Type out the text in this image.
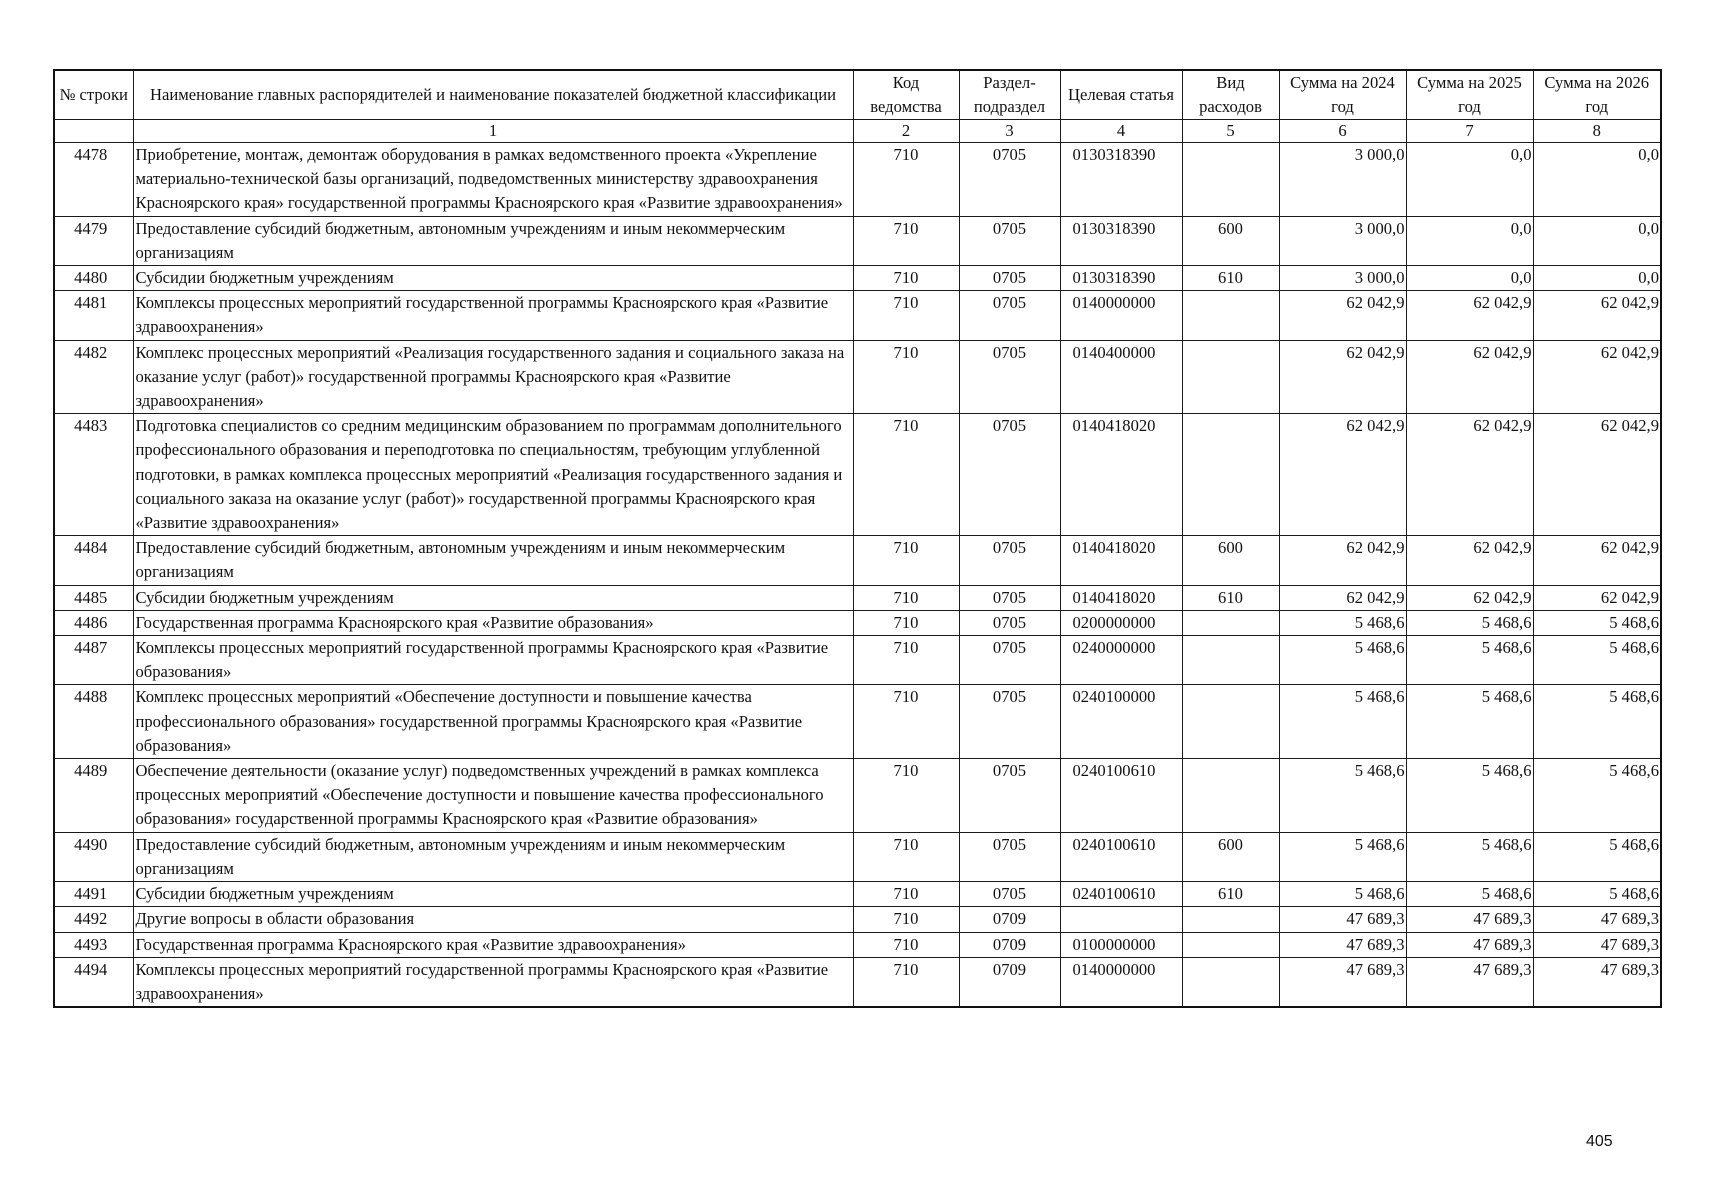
№ строки	Наименование главных распорядителей и наименование показателей бюджетной классификации	Код ведомства	Раздел-подраздел	Целевая статья	Вид расходов	Сумма на 2024 год	Сумма на 2025 год	Сумма на 2026 год
	1	2	3	4	5	6	7	8
4478	Приобретение, монтаж, демонтаж оборудования в рамках ведомственного проекта «Укрепление материально-технической базы организаций, подведомственных министерству здравоохранения Красноярского края» государственной программы Красноярского края «Развитие здравоохранения»	710	0705	0130318390		3 000,0	0,0	0,0
4479	Предоставление субсидий бюджетным, автономным учреждениям и иным некоммерческим организациям	710	0705	0130318390	600	3 000,0	0,0	0,0
4480	Субсидии бюджетным учреждениям	710	0705	0130318390	610	3 000,0	0,0	0,0
4481	Комплексы процессных мероприятий государственной программы Красноярского края «Развитие здравоохранения»	710	0705	0140000000		62 042,9	62 042,9	62 042,9
4482	Комплекс процессных мероприятий «Реализация государственного задания и социального заказа на оказание услуг (работ)» государственной программы Красноярского края «Развитие здравоохранения»	710	0705	0140400000		62 042,9	62 042,9	62 042,9
4483	Подготовка специалистов со средним медицинским образованием по программам дополнительного профессионального образования и переподготовка по специальностям, требующим углубленной подготовки, в рамках комплекса процессных мероприятий «Реализация государственного задания и социального заказа на оказание услуг (работ)» государственной программы Красноярского края «Развитие здравоохранения»	710	0705	0140418020		62 042,9	62 042,9	62 042,9
4484	Предоставление субсидий бюджетным, автономным учреждениям и иным некоммерческим организациям	710	0705	0140418020	600	62 042,9	62 042,9	62 042,9
4485	Субсидии бюджетным учреждениям	710	0705	0140418020	610	62 042,9	62 042,9	62 042,9
4486	Государственная программа Красноярского края «Развитие образования»	710	0705	0200000000		5 468,6	5 468,6	5 468,6
4487	Комплексы процессных мероприятий государственной программы Красноярского края «Развитие образования»	710	0705	0240000000		5 468,6	5 468,6	5 468,6
4488	Комплекс процессных мероприятий «Обеспечение доступности и повышение качества профессионального образования» государственной программы Красноярского края «Развитие образования»	710	0705	0240100000		5 468,6	5 468,6	5 468,6
4489	Обеспечение деятельности (оказание услуг) подведомственных учреждений в рамках комплекса процессных мероприятий «Обеспечение доступности и повышение качества профессионального образования» государственной программы Красноярского края «Развитие образования»	710	0705	0240100610		5 468,6	5 468,6	5 468,6
4490	Предоставление субсидий бюджетным, автономным учреждениям и иным некоммерческим организациям	710	0705	0240100610	600	5 468,6	5 468,6	5 468,6
4491	Субсидии бюджетным учреждениям	710	0705	0240100610	610	5 468,6	5 468,6	5 468,6
4492	Другие вопросы в области образования	710	0709			47 689,3	47 689,3	47 689,3
4493	Государственная программа Красноярского края «Развитие здравоохранения»	710	0709	0100000000		47 689,3	47 689,3	47 689,3
4494	Комплексы процессных мероприятий государственной программы Красноярского края «Развитие здравоохранения»	710	0709	0140000000		47 689,3	47 689,3	47 689,3
405
